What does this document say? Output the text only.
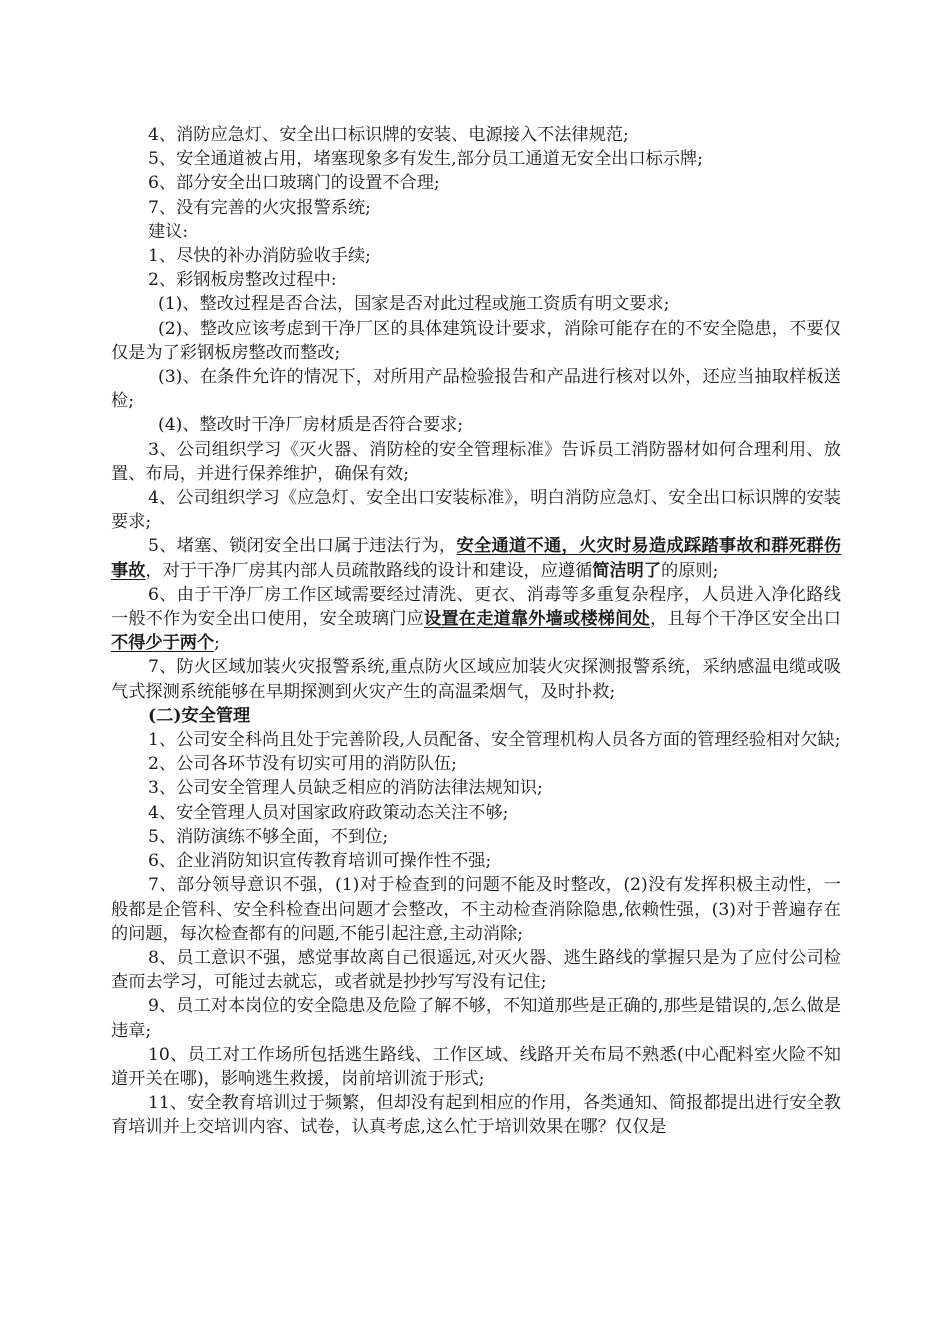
4、消防应急灯、安全出口标识牌的安装、电源接入不法律规范;

5、安全通道被占用，堵塞现象多有发生,部分员工通道无安全出口标示牌;

6、部分安全出口玻璃门的设置不合理;

7、没有完善的火灾报警系统;

建议:

1、尽快的补办消防验收手续;

2、彩钢板房整改过程中:

(1)、整改过程是否合法，国家是否对此过程或施工资质有明文要求;

(2)、整改应该考虑到干净厂区的具体建筑设计要求，消除可能存在的不安全隐患，不要仅仅是为了彩钢板房整改而整改;

(3)、在条件允许的情况下，对所用产品检验报告和产品进行核对以外，还应当抽取样板送检;

(4)、整改时干净厂房材质是否符合要求;

3、公司组织学习《灭火器、消防栓的安全管理标准》告诉员工消防器材如何合理利用、放置、布局，并进行保养维护，确保有效;

4、公司组织学习《应急灯、安全出口安装标准》，明白消防应急灯、安全出口标识牌的安装要求;

5、堵塞、锁闭安全出口属于违法行为，安全通道不通，火灾时易造成踩踏事故和群死群伤事故，对于干净厂房其内部人员疏散路线的设计和建设，应遵循简洁明了的原则;

6、由于干净厂房工作区域需要经过清洗、更衣、消毒等多重复杂程序，人员进入净化路线一般不作为安全出口使用，安全玻璃门应设置在走道靠外墙或楼梯间处，且每个干净区安全出口不得少于两个;

7、防火区域加装火灾报警系统,重点防火区域应加装火灾探测报警系统，采纳感温电缆或吸气式探测系统能够在早期探测到火灾产生的高温柔烟气，及时扑救;

(二)安全管理

1、公司安全科尚且处于完善阶段,人员配备、安全管理机构人员各方面的管理经验相对欠缺;

2、公司各环节没有切实可用的消防队伍;

3、公司安全管理人员缺乏相应的消防法律法规知识;

4、安全管理人员对国家政府政策动态关注不够;

5、消防演练不够全面，不到位;

6、企业消防知识宣传教育培训可操作性不强;

7、部分领导意识不强，(1)对于检查到的问题不能及时整改，(2)没有发挥积极主动性，一般都是企管科、安全科检查出问题才会整改，不主动检查消除隐患,依赖性强，(3)对于普遍存在的问题，每次检查都有的问题,不能引起注意,主动消除;

8、员工意识不强，感觉事故离自己很遥远,对灭火器、逃生路线的掌握只是为了应付公司检查而去学习，可能过去就忘，或者就是抄抄写写没有记住;

9、员工对本岗位的安全隐患及危险了解不够，不知道那些是正确的,那些是错误的,怎么做是违章;

10、员工对工作场所包括逃生路线、工作区域、线路开关布局不熟悉(中心配料室火险不知道开关在哪)，影响逃生救援，岗前培训流于形式;

11、安全教育培训过于频繁，但却没有起到相应的作用，各类通知、简报都提出进行安全教育培训并上交培训内容、试卷，认真考虑,这么忙于培训效果在哪？仅仅是
